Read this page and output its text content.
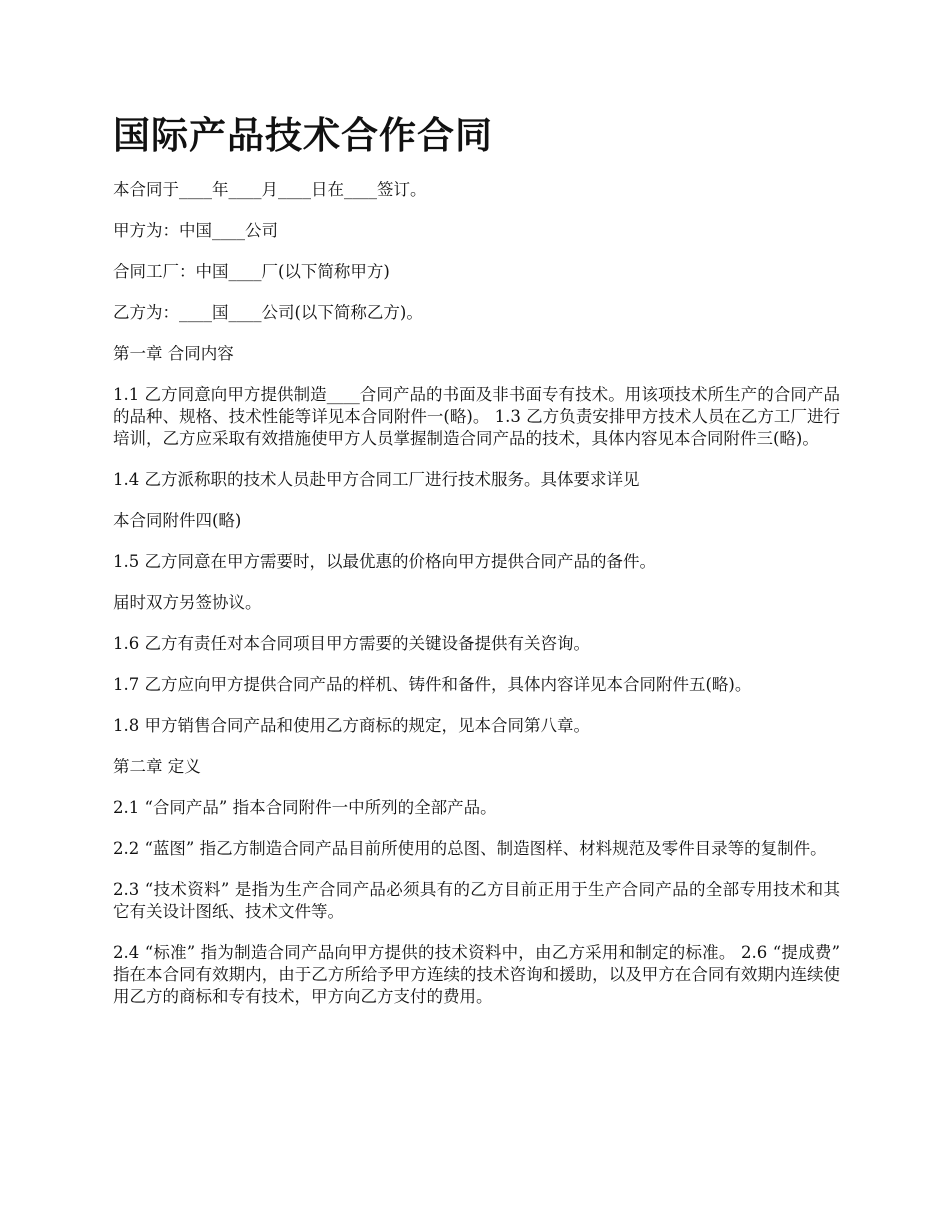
国际产品技术合作合同

本合同于____年____月____日在____签订。

甲方为：中国____公司

合同工厂：中国____厂(以下简称甲方)

乙方为：____国____公司(以下简称乙方)。

第一章 合同内容

1.1 乙方同意向甲方提供制造____合同产品的书面及非书面专有技术。用该项技术所生产的合同产品的品种、规格、技术性能等详见本合同附件一(略)。 1.3 乙方负责安排甲方技术人员在乙方工厂进行培训，乙方应采取有效措施使甲方人员掌握制造合同产品的技术，具体内容见本合同附件三(略)。

1.4 乙方派称职的技术人员赴甲方合同工厂进行技术服务。具体要求详见

本合同附件四(略)

1.5 乙方同意在甲方需要时，以最优惠的价格向甲方提供合同产品的备件。

届时双方另签协议。

1.6 乙方有责任对本合同项目甲方需要的关键设备提供有关咨询。

1.7 乙方应向甲方提供合同产品的样机、铸件和备件，具体内容详见本合同附件五(略)。

1.8 甲方销售合同产品和使用乙方商标的规定，见本合同第八章。

第二章 定义

2.1 “合同产品” 指本合同附件一中所列的全部产品。

2.2 “蓝图” 指乙方制造合同产品目前所使用的总图、制造图样、材料规范及零件目录等的复制件。

2.3 “技术资料” 是指为生产合同产品必须具有的乙方目前正用于生产合同产品的全部专用技术和其它有关设计图纸、技术文件等。

2.4 “标准” 指为制造合同产品向甲方提供的技术资料中，由乙方采用和制定的标准。 2.6 “提成费” 指在本合同有效期内，由于乙方所给予甲方连续的技术咨询和援助，以及甲方在合同有效期内连续使用乙方的商标和专有技术，甲方向乙方支付的费用。
